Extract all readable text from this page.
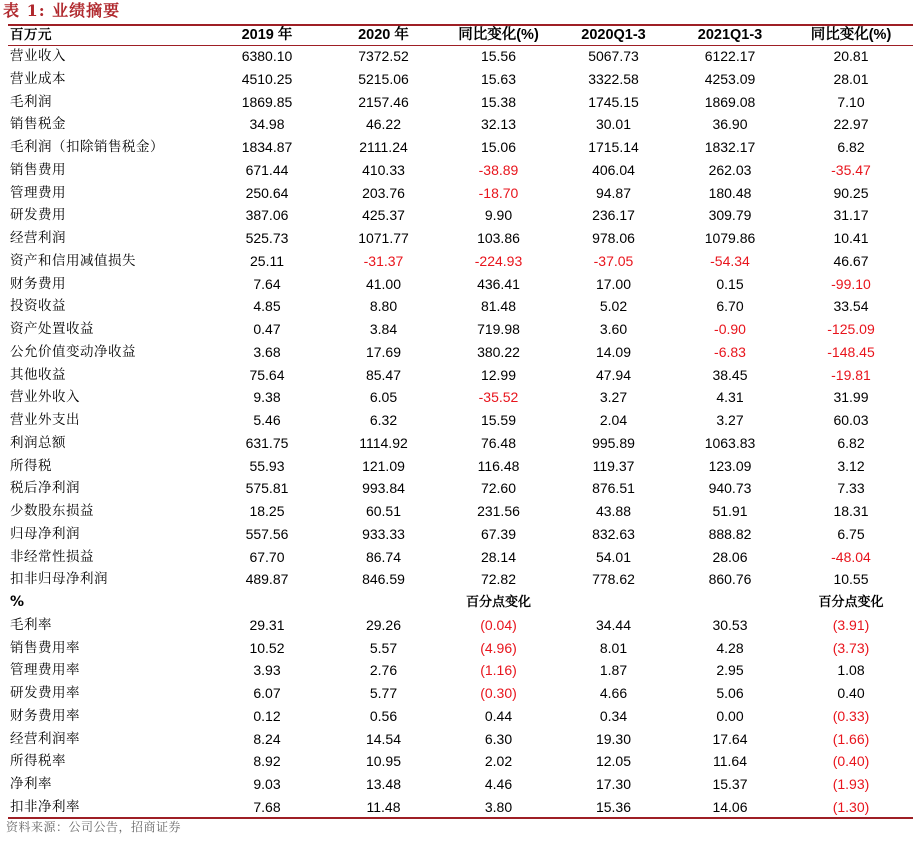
表 1: 业绩摘要
百万元	2019 年	2020 年	同比变化(%)	2020Q1-3	2021Q1-3	同比变化(%)
营业收入	6380.10	7372.52	15.56	5067.73	6122.17	20.81
营业成本	4510.25	5215.06	15.63	3322.58	4253.09	28.01
毛利润	1869.85	2157.46	15.38	1745.15	1869.08	7.10
销售税金	34.98	46.22	32.13	30.01	36.90	22.97
毛利润（扣除销售税金）	1834.87	2111.24	15.06	1715.14	1832.17	6.82
销售费用	671.44	410.33	-38.89	406.04	262.03	-35.47
管理费用	250.64	203.76	-18.70	94.87	180.48	90.25
研发费用	387.06	425.37	9.90	236.17	309.79	31.17
经营利润	525.73	1071.77	103.86	978.06	1079.86	10.41
资产和信用减值损失	25.11	-31.37	-224.93	-37.05	-54.34	46.67
财务费用	7.64	41.00	436.41	17.00	0.15	-99.10
投资收益	4.85	8.80	81.48	5.02	6.70	33.54
资产处置收益	0.47	3.84	719.98	3.60	-0.90	-125.09
公允价值变动净收益	3.68	17.69	380.22	14.09	-6.83	-148.45
其他收益	75.64	85.47	12.99	47.94	38.45	-19.81
营业外收入	9.38	6.05	-35.52	3.27	4.31	31.99
营业外支出	5.46	6.32	15.59	2.04	3.27	60.03
利润总额	631.75	1114.92	76.48	995.89	1063.83	6.82
所得税	55.93	121.09	116.48	119.37	123.09	3.12
税后净利润	575.81	993.84	72.60	876.51	940.73	7.33
少数股东损益	18.25	60.51	231.56	43.88	51.91	18.31
归母净利润	557.56	933.33	67.39	832.63	888.82	6.75
非经常性损益	67.70	86.74	28.14	54.01	28.06	-48.04
扣非归母净利润	489.87	846.59	72.82	778.62	860.76	10.55
%			百分点变化			百分点变化
毛利率	29.31	29.26	(0.04)	34.44	30.53	(3.91)
销售费用率	10.52	5.57	(4.96)	8.01	4.28	(3.73)
管理费用率	3.93	2.76	(1.16)	1.87	2.95	1.08
研发费用率	6.07	5.77	(0.30)	4.66	5.06	0.40
财务费用率	0.12	0.56	0.44	0.34	0.00	(0.33)
经营利润率	8.24	14.54	6.30	19.30	17.64	(1.66)
所得税率	8.92	10.95	2.02	12.05	11.64	(0.40)
净利率	9.03	13.48	4.46	17.30	15.37	(1.93)
扣非净利率	7.68	11.48	3.80	15.36	14.06	(1.30)
资料来源：公司公告，招商证券
